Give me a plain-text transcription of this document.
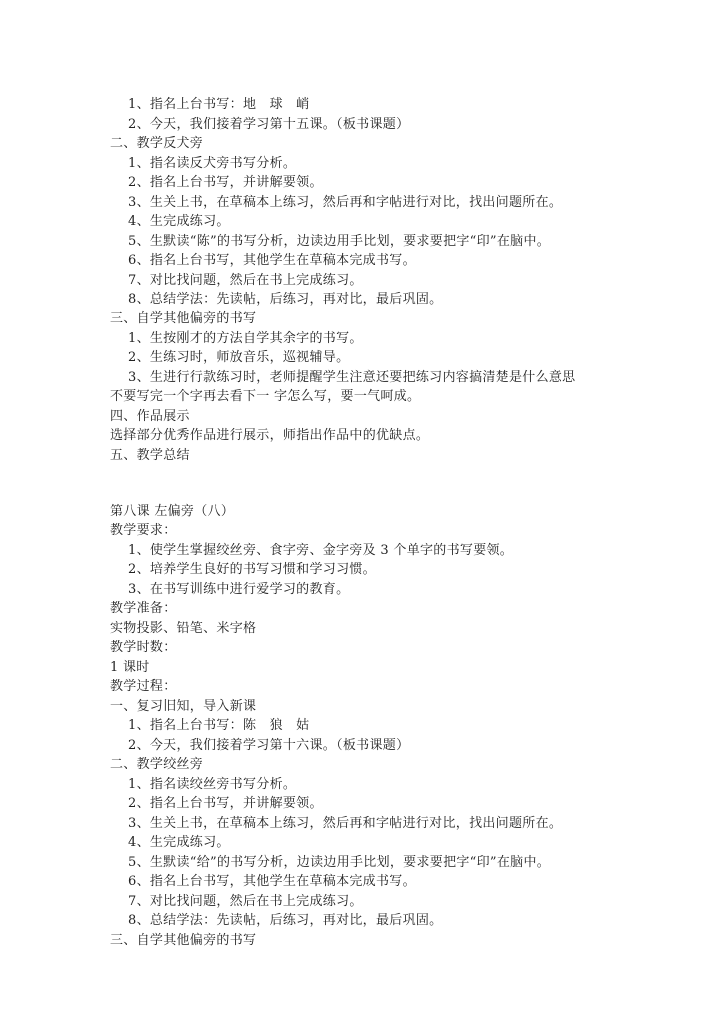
1、指名上台书写：地　球　峭
2、今天，我们接着学习第十五课。（板书课题）
二、教学反犬旁
1、指名读反犬旁书写分析。
2、指名上台书写，并讲解要领。
3、生关上书，在草稿本上练习，然后再和字帖进行对比，找出问题所在。
4、生完成练习。
5、生默读“陈”的书写分析，边读边用手比划，要求要把字“印”在脑中。
6、指名上台书写，其他学生在草稿本完成书写。
7、对比找问题，然后在书上完成练习。
8、总结学法：先读帖，后练习，再对比，最后巩固。
三、自学其他偏旁的书写
1、生按刚才的方法自学其余字的书写。
2、生练习时，师放音乐，巡视辅导。
3、生进行行款练习时，老师提醒学生注意还要把练习内容搞清楚是什么意思
不要写完一个字再去看下一 字怎么写，要一气呵成。
四、作品展示
选择部分优秀作品进行展示，师指出作品中的优缺点。
五、教学总结
第八课 左偏旁（八）
教学要求：
1、使学生掌握绞丝旁、食字旁、金字旁及 3 个单字的书写要领。
2、培养学生良好的书写习惯和学习习惯。
3、在书写训练中进行爱学习的教育。
教学准备：
实物投影、铅笔、米字格
教学时数：
1 课时
教学过程：
一、复习旧知，导入新课
1、指名上台书写：陈　狼　姑
2、今天，我们接着学习第十六课。（板书课题）
二、教学绞丝旁
1、指名读绞丝旁书写分析。
2、指名上台书写，并讲解要领。
3、生关上书，在草稿本上练习，然后再和字帖进行对比，找出问题所在。
4、生完成练习。
5、生默读“给”的书写分析，边读边用手比划，要求要把字“印”在脑中。
6、指名上台书写，其他学生在草稿本完成书写。
7、对比找问题，然后在书上完成练习。
8、总结学法：先读帖，后练习，再对比，最后巩固。
三、自学其他偏旁的书写
